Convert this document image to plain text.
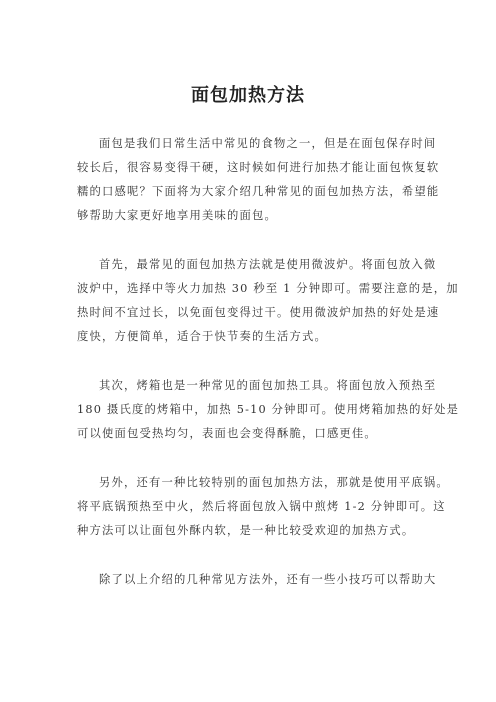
面包加热方法
面包是我们日常生活中常见的食物之一，但是在面包保存时间
较长后，很容易变得干硬，这时候如何进行加热才能让面包恢复软
糯的口感呢？下面将为大家介绍几种常见的面包加热方法，希望能
够帮助大家更好地享用美味的面包。
首先，最常见的面包加热方法就是使用微波炉。将面包放入微
波炉中，选择中等火力加热 30 秒至 1 分钟即可。需要注意的是，加
热时间不宜过长，以免面包变得过干。使用微波炉加热的好处是速
度快，方便简单，适合于快节奏的生活方式。
其次，烤箱也是一种常见的面包加热工具。将面包放入预热至
180 摄氏度的烤箱中，加热 5-10 分钟即可。使用烤箱加热的好处是
可以使面包受热均匀，表面也会变得酥脆，口感更佳。
另外，还有一种比较特别的面包加热方法，那就是使用平底锅。
将平底锅预热至中火，然后将面包放入锅中煎烤 1-2 分钟即可。这
种方法可以让面包外酥内软，是一种比较受欢迎的加热方式。
除了以上介绍的几种常见方法外，还有一些小技巧可以帮助大
